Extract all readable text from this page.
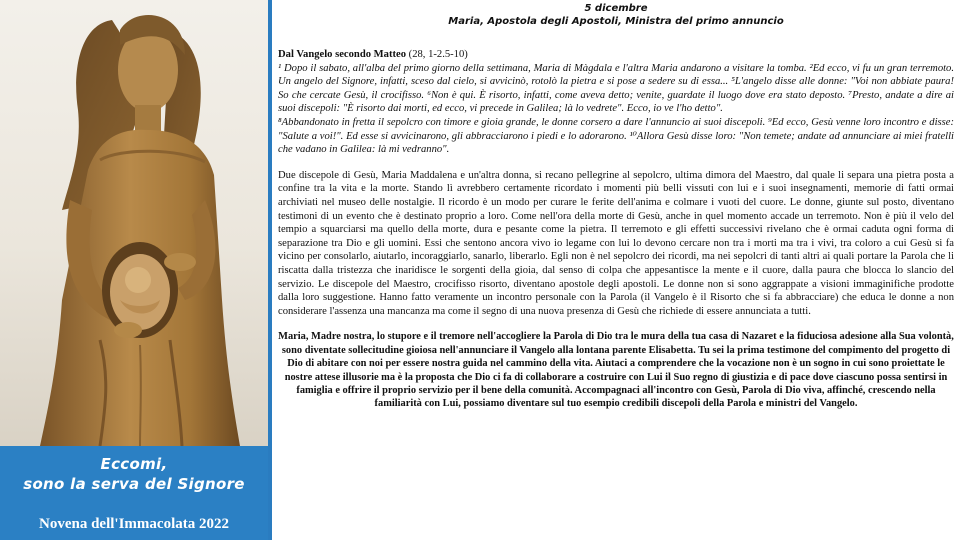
Eccomi,
sono la serva del Signore
Novena dell'Immacolata 2022
5 dicembre
Maria, Apostola degli Apostoli, Ministra del primo annuncio
Dal Vangelo secondo Matteo (28, 1-2.5-10)
¹ Dopo il sabato, all'alba del primo giorno della settimana, Maria di Màgdala e l'altra Maria andarono a visitare la tomba. ²Ed ecco, vi fu un gran terremoto. Un angelo del Signore, infatti, sceso dal cielo, si avvicinò, rotolò la pietra e si pose a sedere su di essa... ⁵L'angelo disse alle donne: "Voi non abbiate paura! So che cercate Gesù, il crocifisso. ⁶Non è qui. È risorto, infatti, come aveva detto; venite, guardate il luogo dove era stato deposto. ⁷Presto, andate a dire ai suoi discepoli: "È risorto dai morti, ed ecco, vi precede in Galilea; là lo vedrete". Ecco, io ve l'ho detto".
⁸Abbandonato in fretta il sepolcro con timore e gioia grande, le donne corsero a dare l'annuncio ai suoi discepoli. ⁹Ed ecco, Gesù venne loro incontro e disse: "Salute a voi!". Ed esse si avvicinarono, gli abbracciarono i piedi e lo adorarono. ¹⁰Allora Gesù disse loro: "Non temete; andate ad annunciare ai miei fratelli che vadano in Galilea: là mi vedranno".
Due discepole di Gesù, Maria Maddalena e un'altra donna, si recano pellegrine al sepolcro, ultima dimora del Maestro, dal quale li separa una pietra posta a confine tra la vita e la morte. Stando lì avrebbero certamente ricordato i momenti più belli vissuti con lui e i suoi insegnamenti, memorie di fatti ormai archiviati nel museo delle nostalgie. Il ricordo è un modo per curare le ferite dell'anima e colmare i vuoti del cuore. Le donne, giunte sul posto, diventano testimoni di un evento che è destinato proprio a loro. Come nell'ora della morte di Gesù, anche in quel momento accade un terremoto. Non è più il velo del tempio a squarciarsi ma quello della morte, dura e pesante come la pietra. Il terremoto e gli effetti successivi rivelano che è ormai caduta ogni forma di separazione tra Dio e gli uomini. Essi che sentono ancora vivo io legame con lui lo devono cercare non tra i morti ma tra i vivi, tra coloro a cui Gesù si fa vicino per consolarlo, aiutarlo, incoraggiarlo, sanarlo, liberarlo. Egli non è nel sepolcro dei ricordi, ma nei sepolcri di tanti altri ai quali portare la Parola che li riscatta dalla tristezza che inaridisce le sorgenti della gioia, dal senso di colpa che appesantisce la mente e il cuore, dalla paura che blocca lo slancio del servizio. Le discepole del Maestro, crocifisso risorto, diventano apostole degli apostoli. Le donne non si sono aggrappate a visioni immaginifiche prodotte dalla loro suggestione. Hanno fatto veramente un incontro personale con la Parola (il Vangelo è il Risorto che si fa abbracciare) che educa le donne a non considerare l'assenza una mancanza ma come il segno di una nuova presenza di Gesù che richiede di essere annunciata a tutti.
Maria, Madre nostra, lo stupore e il tremore nell'accogliere la Parola di Dio tra le mura della tua casa di Nazaret e la fiduciosa adesione alla Sua volontà, sono diventate sollecitudine gioiosa nell'annunciare il Vangelo alla lontana parente Elisabetta. Tu sei la prima testimone del compimento del progetto di Dio di abitare con noi per essere nostra guida nel cammino della vita. Aiutaci a comprendere che la vocazione non è un sogno in cui sono proiettate le nostre attese illusorie ma è la proposta che Dio ci fa di collaborare a costruire con Lui il Suo regno di giustizia e di pace dove ciascuno possa sentirsi in famiglia e offrire il proprio servizio per il bene della comunità. Accompagnaci all'incontro con Gesù, Parola di Dio viva, affinché, crescendo nella familiarità con Lui, possiamo diventare sul tuo esempio credibili discepoli della Parola e ministri del Vangelo.
